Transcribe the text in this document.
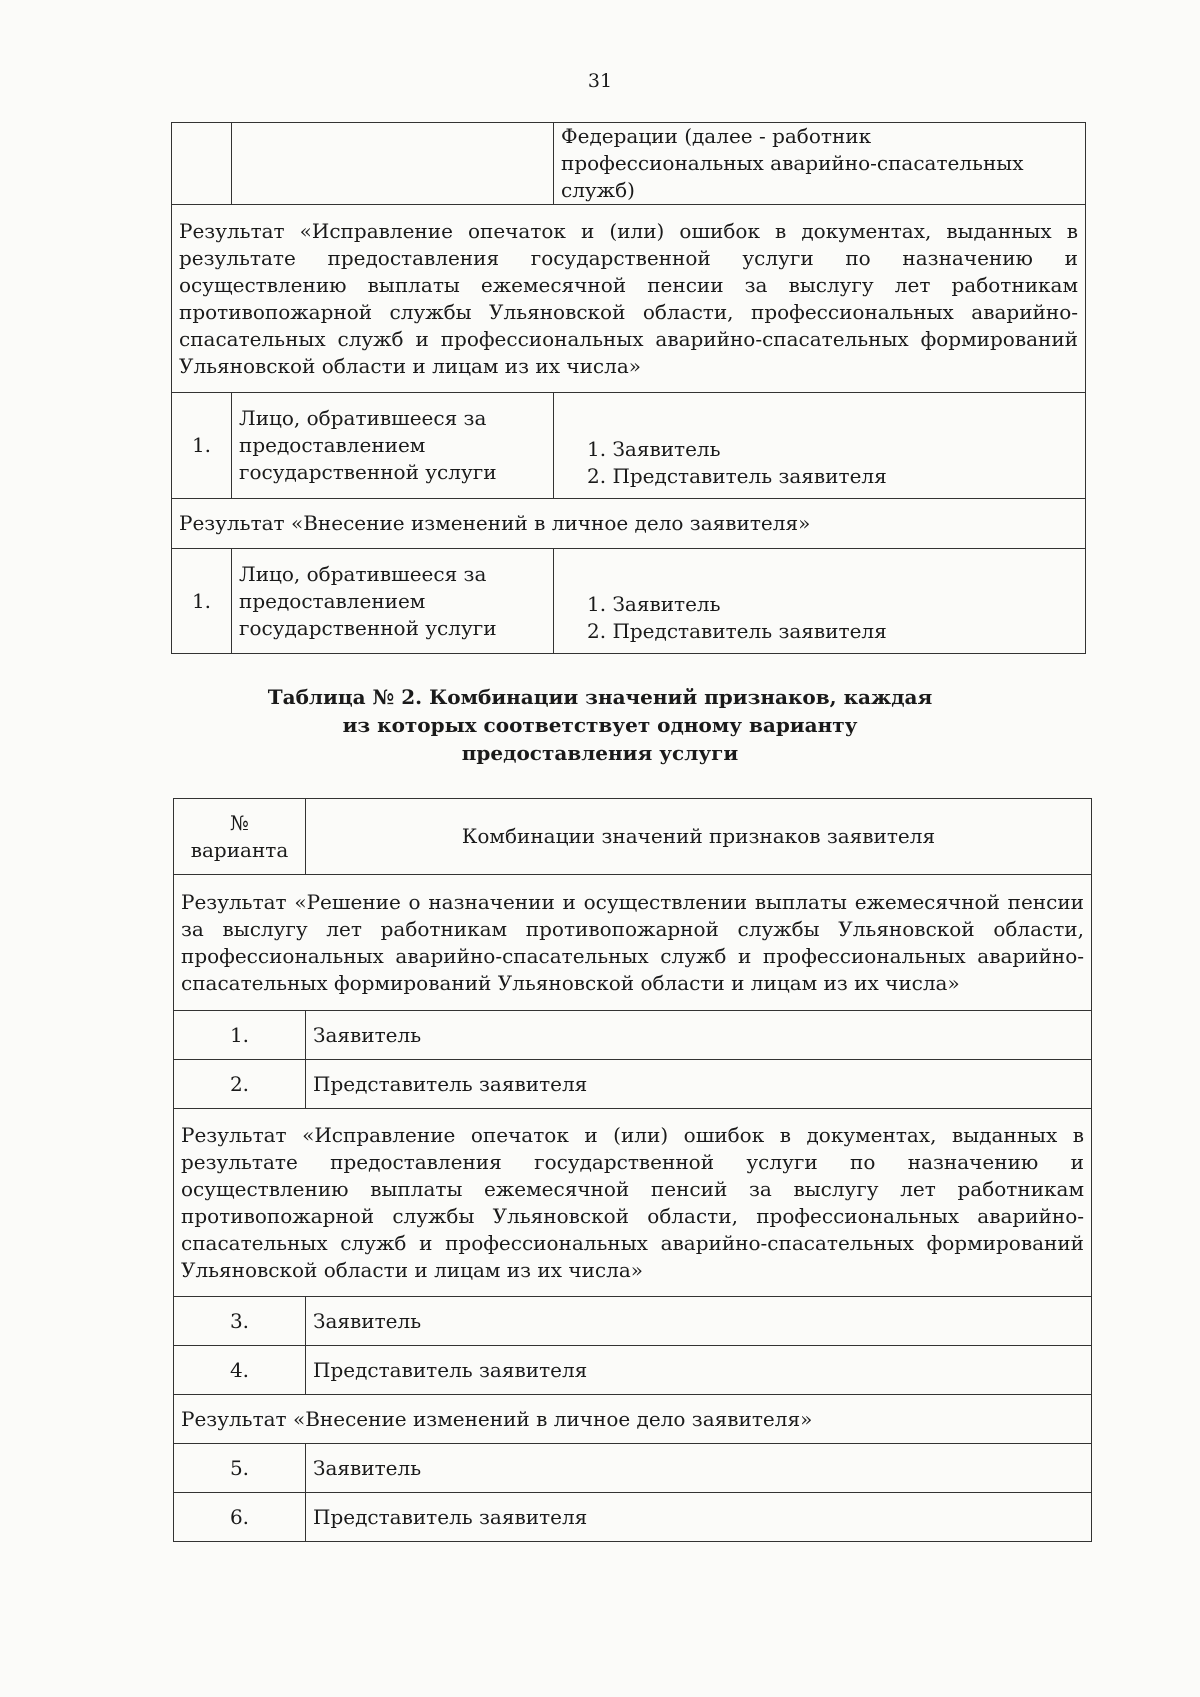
31
		Федерации (далее - работник профессиональных аварийно-спасательных служб)
Результат «Исправление опечаток и (или) ошибок в документах, выданных в результате предоставления государственной услуги по назначению и осуществлению выплаты ежемесячной пенсии за выслугу лет работникам противопожарной службы Ульяновской области, профессиональных аварийно-спасательных служб и профессиональных аварийно-спасательных формирований Ульяновской области и лицам из их числа»		
1.	Лицо, обратившееся за предоставлением государственной услуги	1. Заявитель
2. Представитель заявителя

Результат «Внесение изменений в личное дело заявителя»		
1.	Лицо, обратившееся за предоставлением государственной услуги	1. Заявитель
2. Представитель заявителя
Таблица № 2. Комбинации значений признаков, каждая
из которых соответствует одному варианту
предоставления услуги
№ варианта	Комбинации значений признаков заявителя
Результат «Решение о назначении и осуществлении выплаты ежемесячной пенсии за выслугу лет работникам противопожарной службы Ульяновской области, профессиональных аварийно-спасательных служб и профессиональных аварийно-спасательных формирований Ульяновской области и лицам из их числа»	
1.	Заявитель
2.	Представитель заявителя
Результат «Исправление опечаток и (или) ошибок в документах, выданных в результате предоставления государственной услуги по назначению и осуществлению выплаты ежемесячной пенсий за выслугу лет работникам противопожарной службы Ульяновской области, профессиональных аварийно-спасательных служб и профессиональных аварийно-спасательных формирований Ульяновской области и лицам из их числа»	
3.	Заявитель
4.	Представитель заявителя
Результат «Внесение изменений в личное дело заявителя»	
5.	Заявитель
6.	Представитель заявителя
